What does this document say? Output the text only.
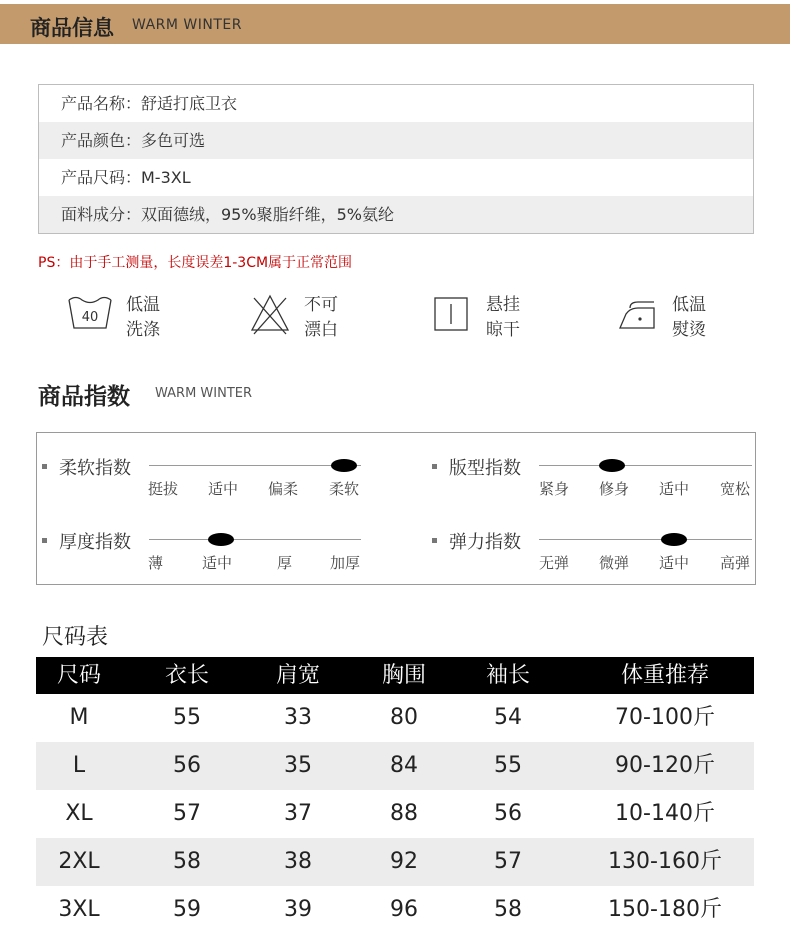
商品信息 WARM WINTER
产品名称：舒适打底卫衣
产品颜色：多色可选
产品尺码：M-3XL
面料成分：双面德绒，95%聚脂纤维，5%氨纶
PS：由于手工测量，长度误差1-3CM属于正常范围
40
低温
洗涤
不可
漂白
悬挂
晾干
低温
熨烫
商品指数 WARM WINTER
柔软指数
挺拔 适中 偏柔 柔软
版型指数
紧身 修身 适中 宽松
厚度指数
薄	适中	厚	加厚
弹力指数
无弹 微弹 适中 高弹
尺码表
尺码	衣长	肩宽	胸围	袖长	体重推荐
M	55	33	80	54	70-100斤
L	56	35	84	55	90-120斤
XL	57	37	88	56	10-140斤
2XL	58	38	92	57	130-160斤
3XL	59	39	96	58	150-180斤
